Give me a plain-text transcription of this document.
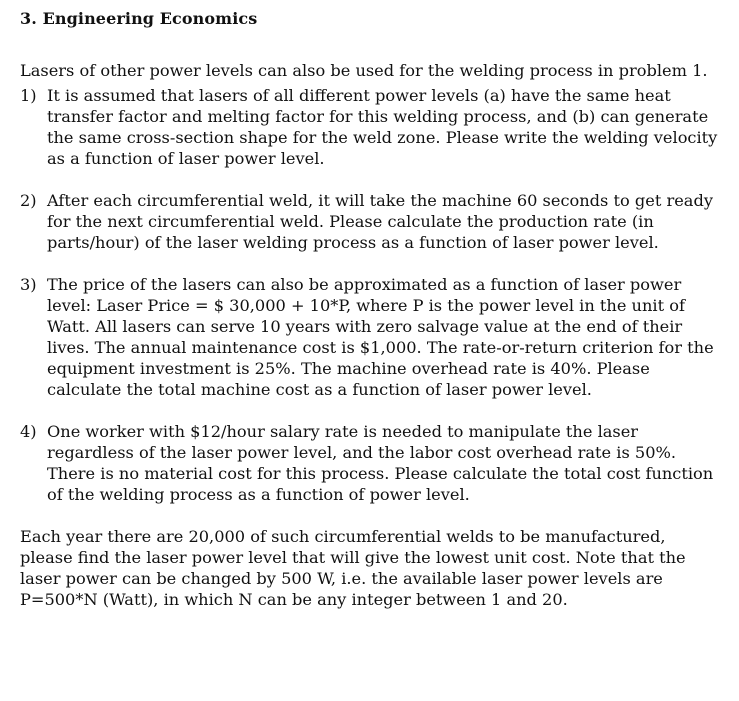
3. Engineering Economics

Lasers of other power levels can also be used for the welding process in problem 1.

1) It is assumed that lasers of all different power levels (a) have the same heat transfer factor and melting factor for this welding process, and (b) can generate the same cross-section shape for the weld zone. Please write the welding velocity as a function of laser power level.
2) After each circumferential weld, it will take the machine 60 seconds to get ready for the next circumferential weld. Please calculate the production rate (in parts/hour) of the laser welding process as a function of laser power level.
3) The price of the lasers can also be approximated as a function of laser power level: Laser Price = $ 30,000 + 10*P, where P is the power level in the unit of Watt. All lasers can serve 10 years with zero salvage value at the end of their lives. The annual maintenance cost is $1,000. The rate-or-return criterion for the equipment investment is 25%. The machine overhead rate is 40%. Please calculate the total machine cost as a function of laser power level.
4) One worker with $12/hour salary rate is needed to manipulate the laser regardless of the laser power level, and the labor cost overhead rate is 50%. There is no material cost for this process. Please calculate the total cost function of the welding process as a function of power level.

Each year there are 20,000 of such circumferential welds to be manufactured, please find the laser power level that will give the lowest unit cost. Note that the laser power can be changed by 500 W, i.e. the available laser power levels are P=500*N (Watt), in which N can be any integer between 1 and 20.
